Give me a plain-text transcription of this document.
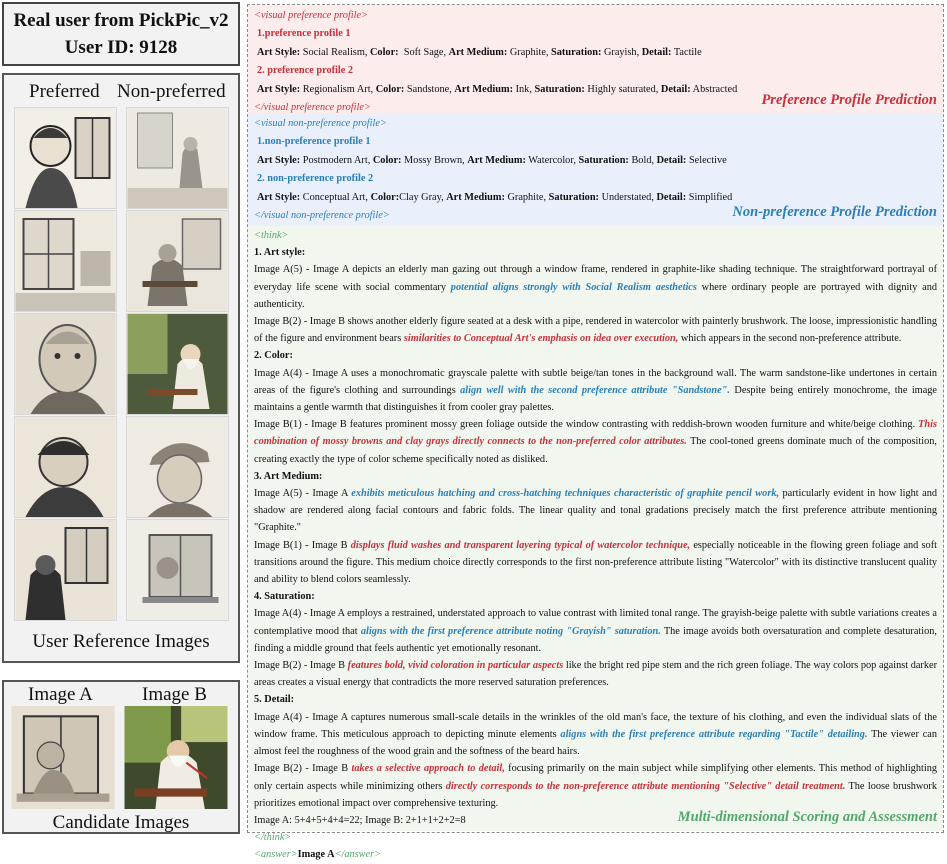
Real user from PickPic_v2
User ID: 9128
Preferred Non-preferred
User Reference Images
Image A	Image B
Candidate Images
<visual preference profile>
1.preference profile 1
Art Style: Social Realism, Color: Soft Sage, Art Medium: Graphite, Saturation: Grayish, Detail: Tactile
2. preference profile 2
Art Style: Regionalism Art, Color: Sandstone, Art Medium: Ink, Saturation: Highly saturated, Detail: Abstracted
</visual preference profile>	Preference Profile Prediction
<visual non-preference profile>
1.non-preference profile 1
Art Style: Postmodern Art, Color: Mossy Brown, Art Medium: Watercolor, Saturation: Bold, Detail: Selective
2. non-preference profile 2
Art Style: Conceptual Art, Color:Clay Gray, Art Medium: Graphite, Saturation: Understated, Detail: Simplified
</visual non-preference profile>	Non-preference Profile Prediction
<think>
1. Art style:

Image A(5) - Image A depicts an elderly man gazing out through a window frame, rendered in graphite-like shading technique. The straightforward portrayal of everyday life scene with social commentary potential aligns strongly with Social Realism aesthetics where ordinary people are portrayed with dignity and authenticity.

Image B(2) - Image B shows another elderly figure seated at a desk with a pipe, rendered in watercolor with painterly brushwork. The loose, impressionistic handling of the figure and environment bears similarities to Conceptual Art's emphasis on idea over execution, which appears in the second non-preference attribute.

2. Color:

Image A(4) - Image A uses a monochromatic grayscale palette with subtle beige/tan tones in the background wall. The warm sandstone-like undertones in certain areas of the figure's clothing and surroundings align well with the second preference attribute "Sandstone". Despite being entirely monochrome, the image maintains a gentle warmth that distinguishes it from cooler gray palettes.

Image B(1) - Image B features prominent mossy green foliage outside the window contrasting with reddish-brown wooden furniture and white/beige clothing. This combination of mossy browns and clay grays directly connects to the non-preferred color attributes. The cool-toned greens dominate much of the composition, creating exactly the type of color scheme specifically noted as disliked.

3. Art Medium:

Image A(5) - Image A exhibits meticulous hatching and cross-hatching techniques characteristic of graphite pencil work, particularly evident in how light and shadow are rendered along facial contours and fabric folds. The linear quality and tonal gradations precisely match the first preference attribute mentioning "Graphite."

Image B(1) - Image B displays fluid washes and transparent layering typical of watercolor technique, especially noticeable in the flowing green foliage and soft transitions around the figure. This medium choice directly corresponds to the first non-preference attribute listing "Watercolor" with its distinctive translucent quality and ability to blend colors seamlessly.

4. Saturation:

Image A(4) - Image A employs a restrained, understated approach to value contrast with limited tonal range. The grayish-beige palette with subtle variations creates a contemplative mood that aligns with the first preference attribute noting "Grayish" saturation. The image avoids both oversaturation and complete desaturation, finding a middle ground that feels authentic yet emotionally resonant.

Image B(2) - Image B features bold, vivid coloration in particular aspects like the bright red pipe stem and the rich green foliage. The way colors pop against darker areas creates a visual energy that contradicts the more reserved saturation preferences.

5. Detail:

Image A(4) - Image A captures numerous small-scale details in the wrinkles of the old man's face, the texture of his clothing, and even the individual slats of the window frame. This meticulous approach to depicting minute elements aligns with the first preference attribute regarding "Tactile" detailing. The viewer can almost feel the roughness of the wood grain and the softness of the beard hairs.

Image B(2) - Image B takes a selective approach to detail, focusing primarily on the main subject while simplifying other elements. This method of highlighting only certain aspects while minimizing others directly corresponds to the non-preference attribute mentioning "Selective" detail treatment. The loose brushwork prioritizes emotional impact over comprehensive texturing.

Image A: 5+4+5+4+4=22; Image B: 2+1+1+2+2=8
</think>
<answer>Image A</answer>
Multi-dimensional Scoring and Assessment
